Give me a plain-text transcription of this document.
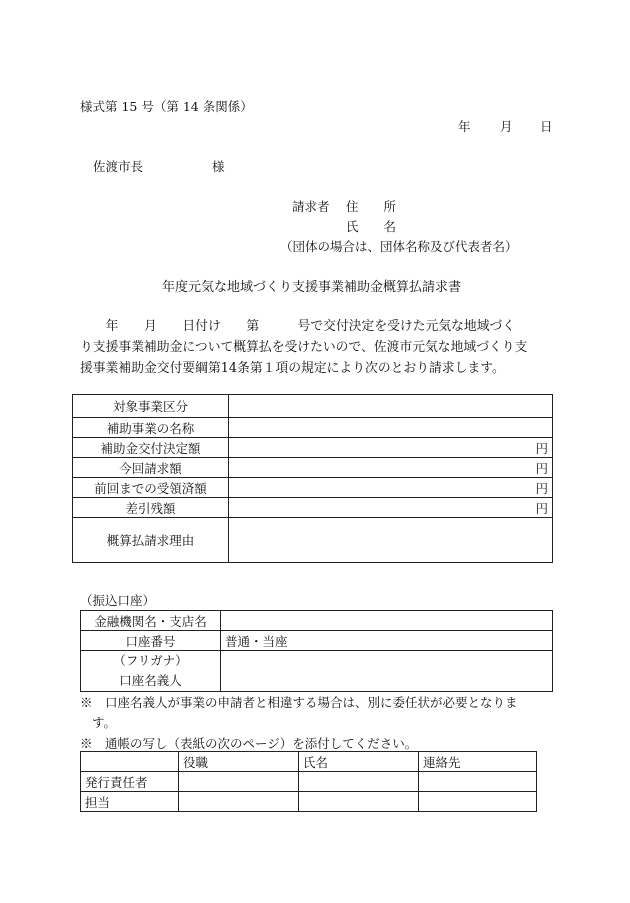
様式第 15 号（第 14 条関係）
年 月 日
佐渡市長	様
請求者 住　　所
氏　　名
（団体の場合は、団体名称及び代表者名）
年度元気な地域づくり支援事業補助金概算払請求書
　　年　　月　　日付け　　第　　　号で交付決定を受けた元気な地域づく
り支援事業補助金について概算払を受けたいので、佐渡市元気な地域づくり支
援事業補助金交付要綱第14条第１項の規定により次のとおり請求します。
対象事業区分	
補助事業の名称	
補助金交付決定額	円
今回請求額	円
前回までの受領済額	円
差引残額	円
概算払請求理由	
（振込口座）
金融機関名・支店名	
口座番号	普通・当座

（フリガナ）
口座名義人	

※　口座名義人が事業の申請者と相違する場合は、別に委任状が必要となりま
す。
※　通帳の写し（表紙の次のページ）を添付してください。
	役職	氏名	連絡先
発行責任者			
担当			
